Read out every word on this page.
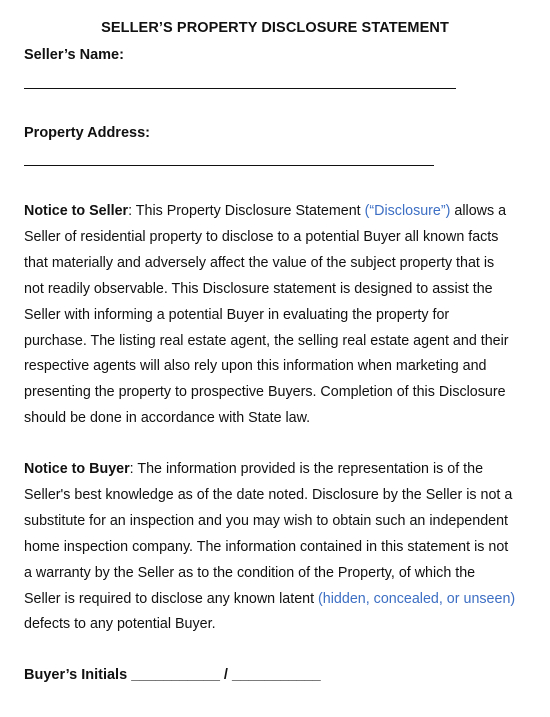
SELLER’S PROPERTY DISCLOSURE STATEMENT
Seller’s Name:
Property Address:
Notice to Seller: This Property Disclosure Statement (“Disclosure”) allows a
Seller of residential property to disclose to a potential Buyer all known facts
that materially and adversely affect the value of the subject property that is
not readily observable. This Disclosure statement is designed to assist the
Seller with informing a potential Buyer in evaluating the property for
purchase. The listing real estate agent, the selling real estate agent and their
respective agents will also rely upon this information when marketing and
presenting the property to prospective Buyers. Completion of this Disclosure
should be done in accordance with State law.
Notice to Buyer: The information provided is the representation is of the
Seller's best knowledge as of the date noted. Disclosure by the Seller is not a
substitute for an inspection and you may wish to obtain such an independent
home inspection company. The information contained in this statement is not
a warranty by the Seller as to the condition of the Property, of which the
Seller is required to disclose any known latent (hidden, concealed, or unseen)
defects to any potential Buyer.
Buyer’s Initials ___________ / ___________
